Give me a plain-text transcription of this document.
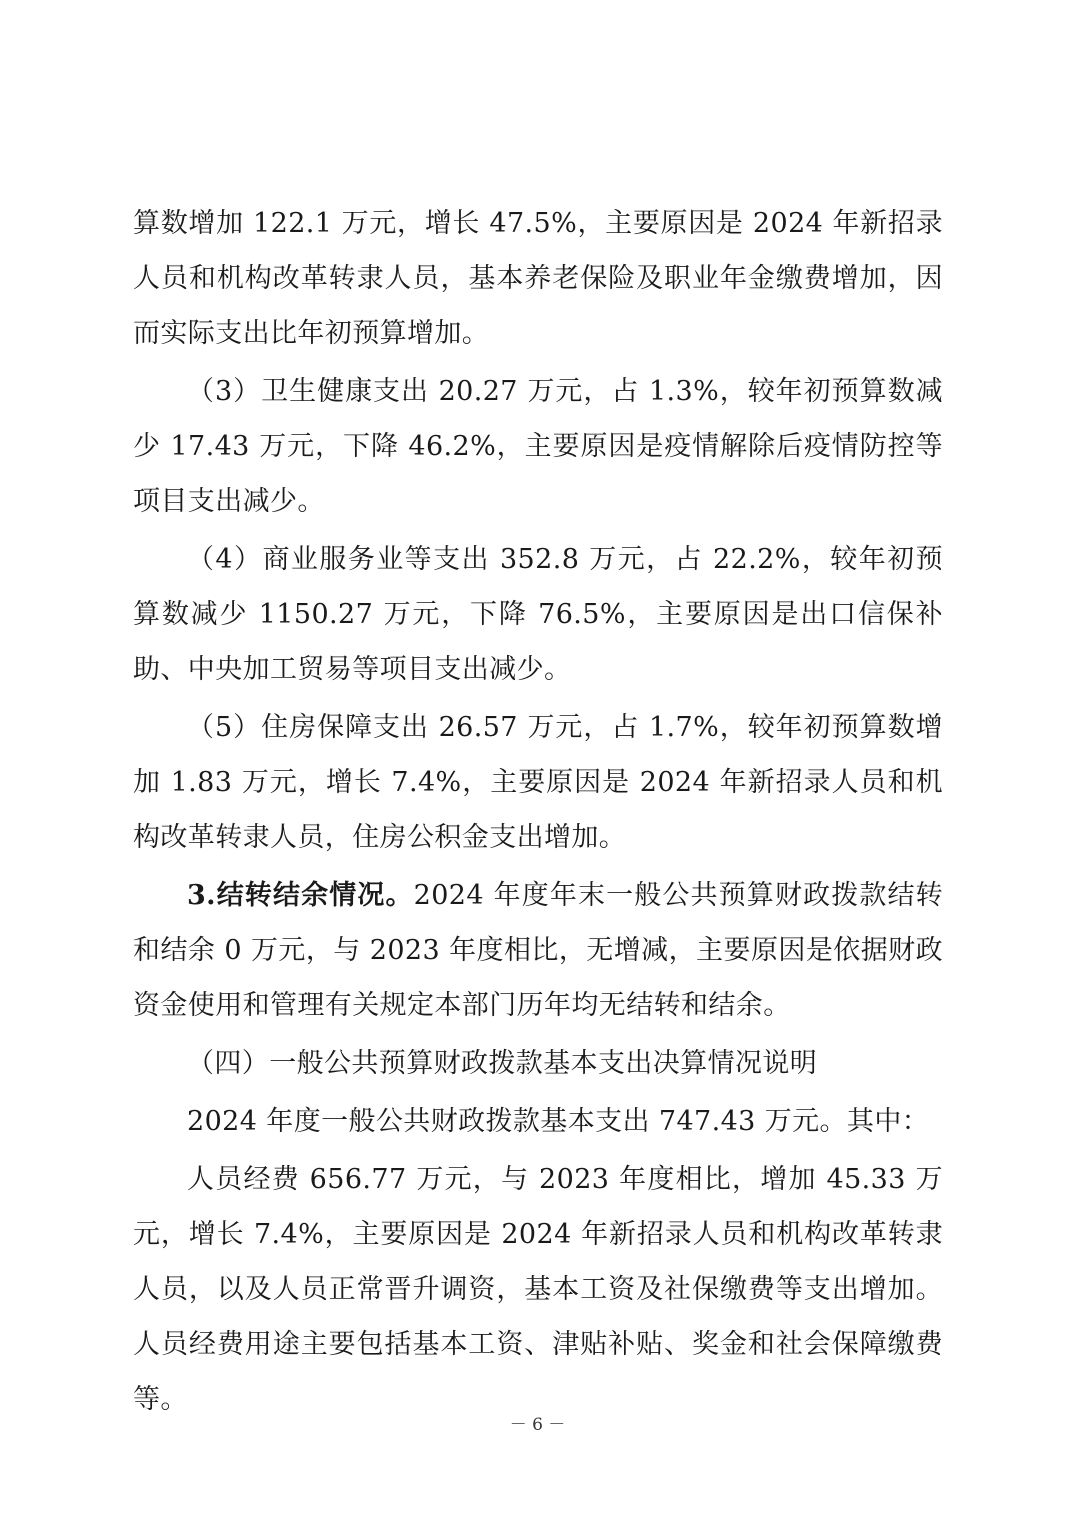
算数增加 122.1 万元，增长 47.5%，主要原因是 2024 年新招录人员和机构改革转隶人员，基本养老保险及职业年金缴费增加，因而实际支出比年初预算增加。

（3）卫生健康支出 20.27 万元，占 1.3%，较年初预算数减少 17.43 万元，下降 46.2%，主要原因是疫情解除后疫情防控等项目支出减少。

（4）商业服务业等支出 352.8 万元，占 22.2%，较年初预算数减少 1150.27 万元，下降 76.5%，主要原因是出口信保补助、中央加工贸易等项目支出减少。

（5）住房保障支出 26.57 万元，占 1.7%，较年初预算数增加 1.83 万元，增长 7.4%，主要原因是 2024 年新招录人员和机构改革转隶人员，住房公积金支出增加。

3.结转结余情况。2024 年度年末一般公共预算财政拨款结转和结余 0 万元，与 2023 年度相比，无增减，主要原因是依据财政资金使用和管理有关规定本部门历年均无结转和结余。

（四）一般公共预算财政拨款基本支出决算情况说明

2024 年度一般公共财政拨款基本支出 747.43 万元。其中：

人员经费 656.77 万元，与 2023 年度相比，增加 45.33 万元，增长 7.4%，主要原因是 2024 年新招录人员和机构改革转隶人员，以及人员正常晋升调资，基本工资及社保缴费等支出增加。人员经费用途主要包括基本工资、津贴补贴、奖金和社会保障缴费等。

－ 6 －
